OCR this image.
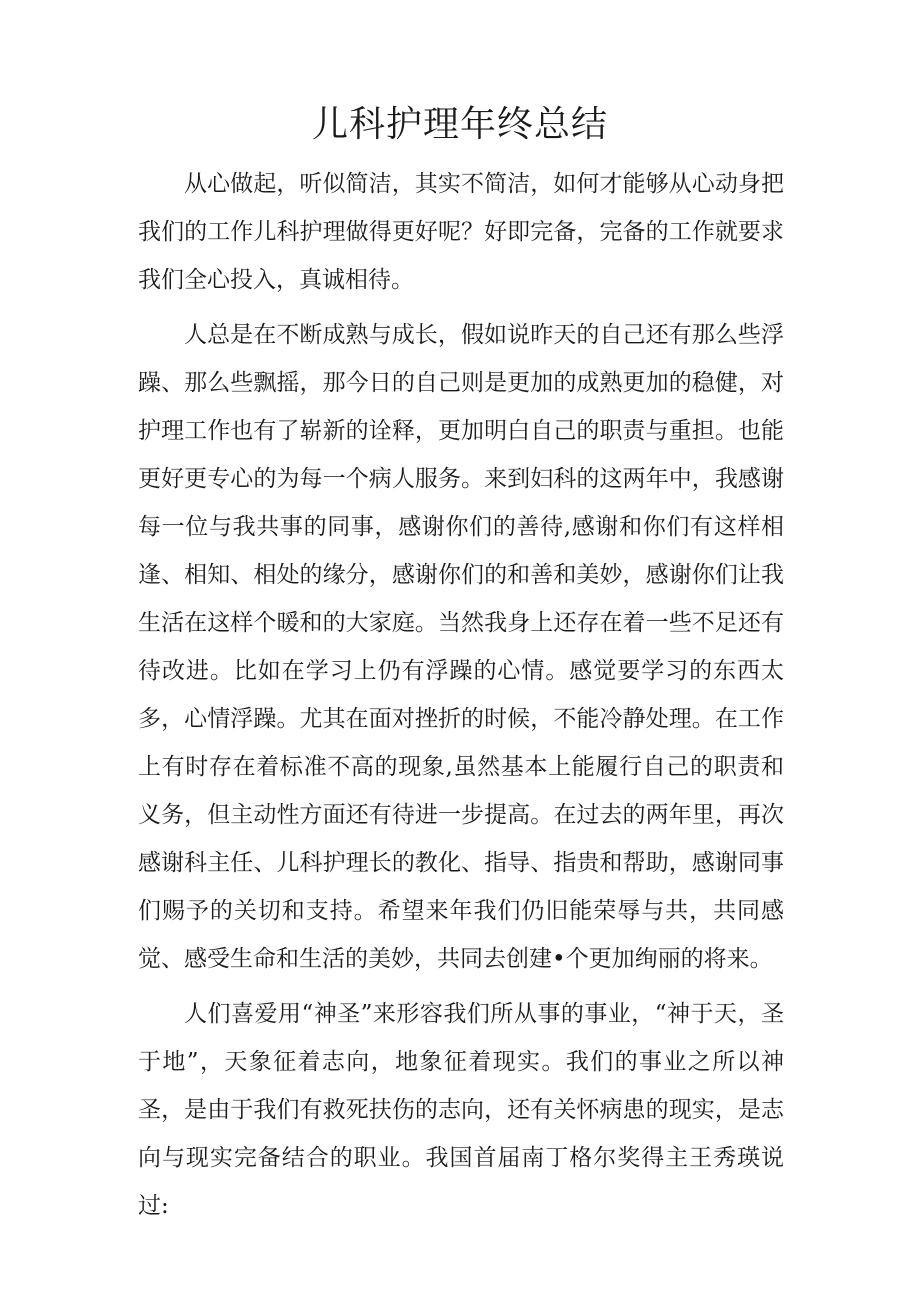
儿科护理年终总结

从心做起，听似简洁，其实不简洁，如何才能够从心动身把我们的工作儿科护理做得更好呢？好即完备，完备的工作就要求我们全心投入，真诚相待。

人总是在不断成熟与成长，假如说昨天的自己还有那么些浮躁、那么些飘摇，那今日的自己则是更加的成熟更加的稳健，对护理工作也有了崭新的诠释，更加明白自己的职责与重担。也能更好更专心的为每一个病人服务。来到妇科的这两年中，我感谢每一位与我共事的同事，感谢你们的善待,感谢和你们有这样相逢、相知、相处的缘分，感谢你们的和善和美妙，感谢你们让我生活在这样个暖和的大家庭。当然我身上还存在着一些不足还有待改进。比如在学习上仍有浮躁的心情。感觉要学习的东西太多，心情浮躁。尤其在面对挫折的时候，不能冷静处理。在工作上有时存在着标准不高的现象,虽然基本上能履行自己的职责和义务，但主动性方面还有待进一步提高。在过去的两年里，再次感谢科主任、儿科护理长的教化、指导、指贵和帮助，感谢同事们赐予的关切和支持。希望来年我们仍旧能荣辱与共，共同感觉、感受生命和生活的美妙，共同去创建•个更加绚丽的将来。

人们喜爱用“神圣”来形容我们所从事的事业，“神于天，圣于地”，天象征着志向，地象征着现实。我们的事业之所以神圣，是由于我们有救死扶伤的志向，还有关怀病患的现实，是志向与现实完备结合的职业。我国首届南丁格尔奖得主王秀瑛说过:
